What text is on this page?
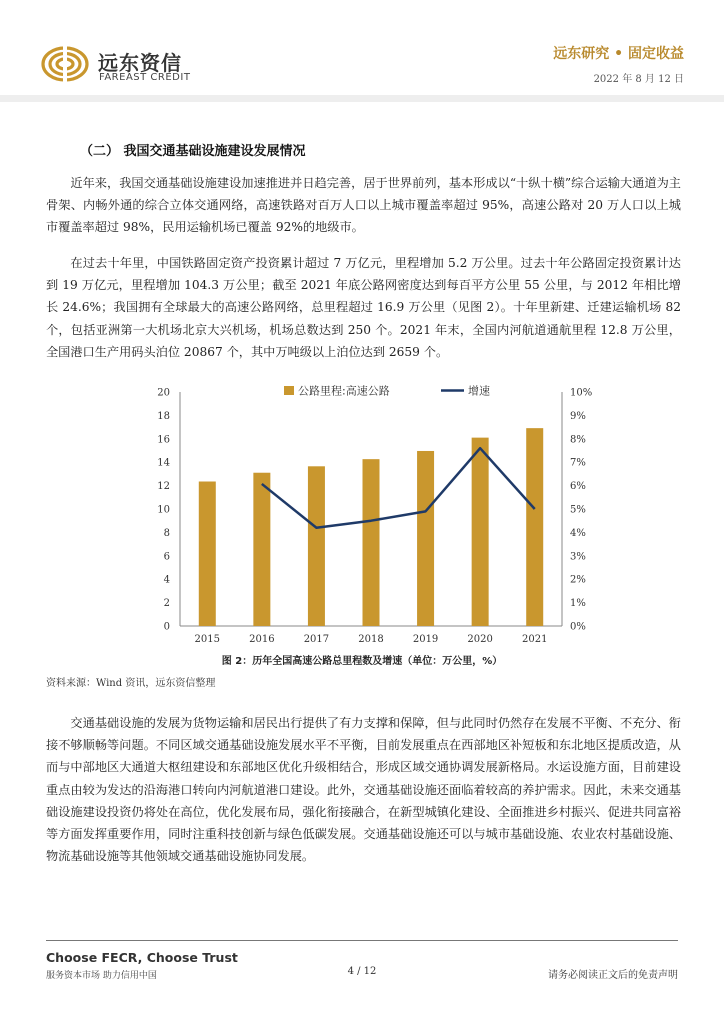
远东资信
FAREAST CREDIT
远东研究 • 固定收益
2022 年 8 月 12 日
（二） 我国交通基础设施建设发展情况

近年来，我国交通基础设施建设加速推进并日趋完善，居于世界前列，基本形成以“十纵十横”综合运输大通道为主骨架、内畅外通的综合立体交通网络，高速铁路对百万人口以上城市覆盖率超过 95%，高速公路对 20 万人口以上城市覆盖率超过 98%，民用运输机场已覆盖 92%的地级市。

在过去十年里，中国铁路固定资产投资累计超过 7 万亿元，里程增加 5.2 万公里。过去十年公路固定投资累计达到 19 万亿元，里程增加 104.3 万公里；截至 2021 年底公路网密度达到每百平方公里 55 公里，与 2012 年相比增长 24.6%；我国拥有全球最大的高速公路网络，总里程超过 16.9 万公里（见图 2）。十年里新建、迁建运输机场 82 个，包括亚洲第一大机场北京大兴机场，机场总数达到 250 个。2021 年末，全国内河航道通航里程 12.8 万公里，全国港口生产用码头泊位 20867 个，其中万吨级以上泊位达到 2659 个。

0
2
4
6
8
10
12
14
16
18
20
0%
1%
2%
3%
4%
5%
6%
7%
8%
9%
10%
2015	2016	2017	2018	2019	2020	2021
公路里程:高速公路	增速
图 2：历年全国高速公路总里程数及增速（单位：万公里，%）
资料来源：Wind 资讯，远东资信整理

交通基础设施的发展为货物运输和居民出行提供了有力支撑和保障，但与此同时仍然存在发展不平衡、不充分、衔接不够顺畅等问题。不同区域交通基础设施发展水平不平衡，目前发展重点在西部地区补短板和东北地区提质改造，从而与中部地区大通道大枢纽建设和东部地区优化升级相结合，形成区域交通协调发展新格局。水运设施方面，目前建设重点由较为发达的沿海港口转向内河航道港口建设。此外，交通基础设施还面临着较高的养护需求。因此，未来交通基础设施建设投资仍将处在高位，优化发展布局，强化衔接融合，在新型城镇化建设、全面推进乡村振兴、促进共同富裕等方面发挥重要作用，同时注重科技创新与绿色低碳发展。交通基础设施还可以与城市基础设施、农业农村基础设施、物流基础设施等其他领域交通基础设施协同发展。

Choose FECR, Choose Trust
服务资本市场 助力信用中国	4 / 12	请务必阅读正文后的免责声明
